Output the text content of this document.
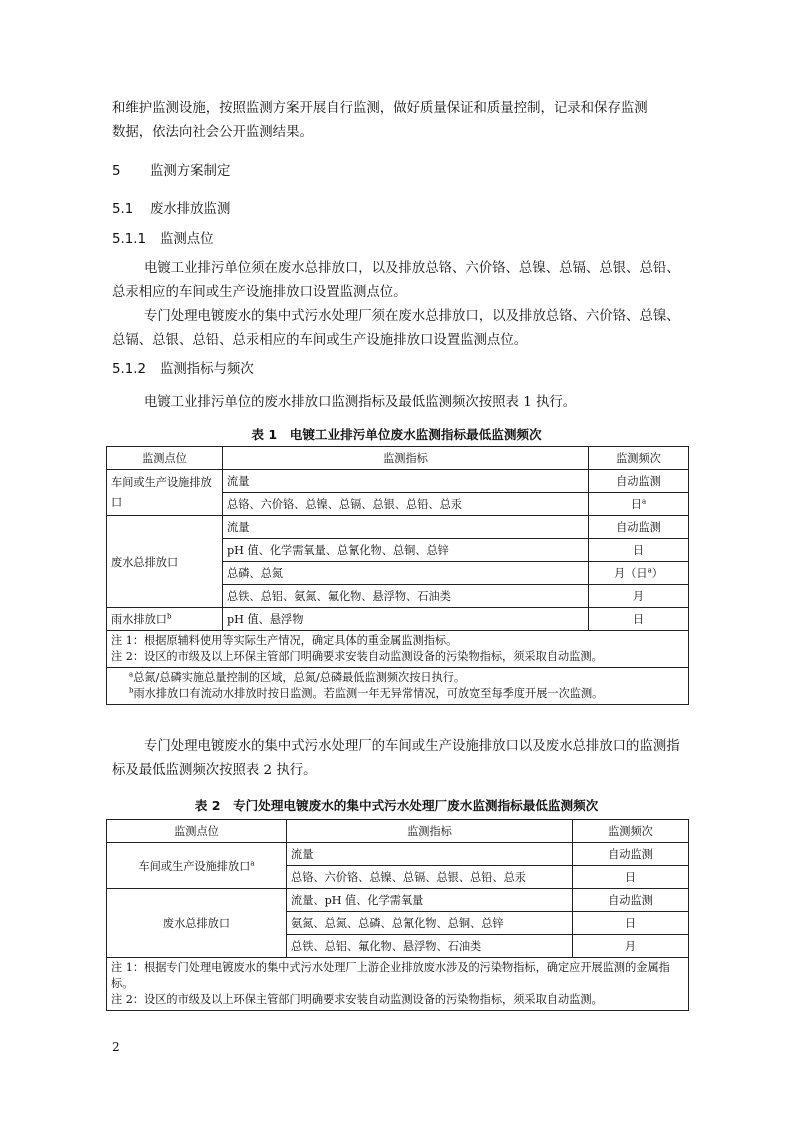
和维护监测设施，按照监测方案开展自行监测，做好质量保证和质量控制，记录和保存监测
数据，依法向社会公开监测结果。

5 监测方案制定
5.1 废水排放监测
5.1.1 监测点位

电镀工业排污单位须在废水总排放口，以及排放总铬、六价铬、总镍、总镉、总银、总铅、总汞相应的车间或生产设施排放口设置监测点位。

专门处理电镀废水的集中式污水处理厂须在废水总排放口，以及排放总铬、六价铬、总镍、总镉、总银、总铅、总汞相应的车间或生产设施排放口设置监测点位。

5.1.2 监测指标与频次

电镀工业排污单位的废水排放口监测指标及最低监测频次按照表 1 执行。

表 1　电镀工业排污单位废水监测指标最低监测频次
监测点位	监测指标	监测频次
车间或生产设施排放口	流量	自动监测
	总铬、六价铬、总镍、总镉、总银、总铅、总汞	日$^a$
废水总排放口	流量	自动监测
	pH 值、化学需氧量、总氰化物、总铜、总锌	日
	总磷、总氮	月（日$^a$）
	总铁、总铝、氨氮、氟化物、悬浮物、石油类	月
雨水排放口$^b$	pH 值、悬浮物	日

注 1：根据原辅料使用等实际生产情况，确定具体的重金属监测指标。
注 2：设区的市级及以上环保主管部门明确要求安装自动监测设备的污染物指标，须采取自动监测。		

$^a$总氮/总磷实施总量控制的区域，总氮/总磷最低监测频次按日执行。
$^b$雨水排放口有流动水排放时按日监测。若监测一年无异常情况，可放宽至每季度开展一次监测。		

专门处理电镀废水的集中式污水处理厂的车间或生产设施排放口以及废水总排放口的监测指标及最低监测频次按照表 2 执行。

表 2　专门处理电镀废水的集中式污水处理厂废水监测指标最低监测频次
监测点位	监测指标	监测频次
车间或生产设施排放口$^a$	流量	自动监测
	总铬、六价铬、总镍、总镉、总银、总铅、总汞	日
废水总排放口	流量、pH 值、化学需氧量	自动监测
	氨氮、总氮、总磷、总氰化物、总铜、总锌	日
	总铁、总铝、氟化物、悬浮物、石油类	月

注 1：根据专门处理电镀废水的集中式污水处理厂上游企业排放废水涉及的污染物指标，确定应开展监测的金属指标。
注 2：设区的市级及以上环保主管部门明确要求安装自动监测设备的污染物指标，须采取自动监测。		
2
